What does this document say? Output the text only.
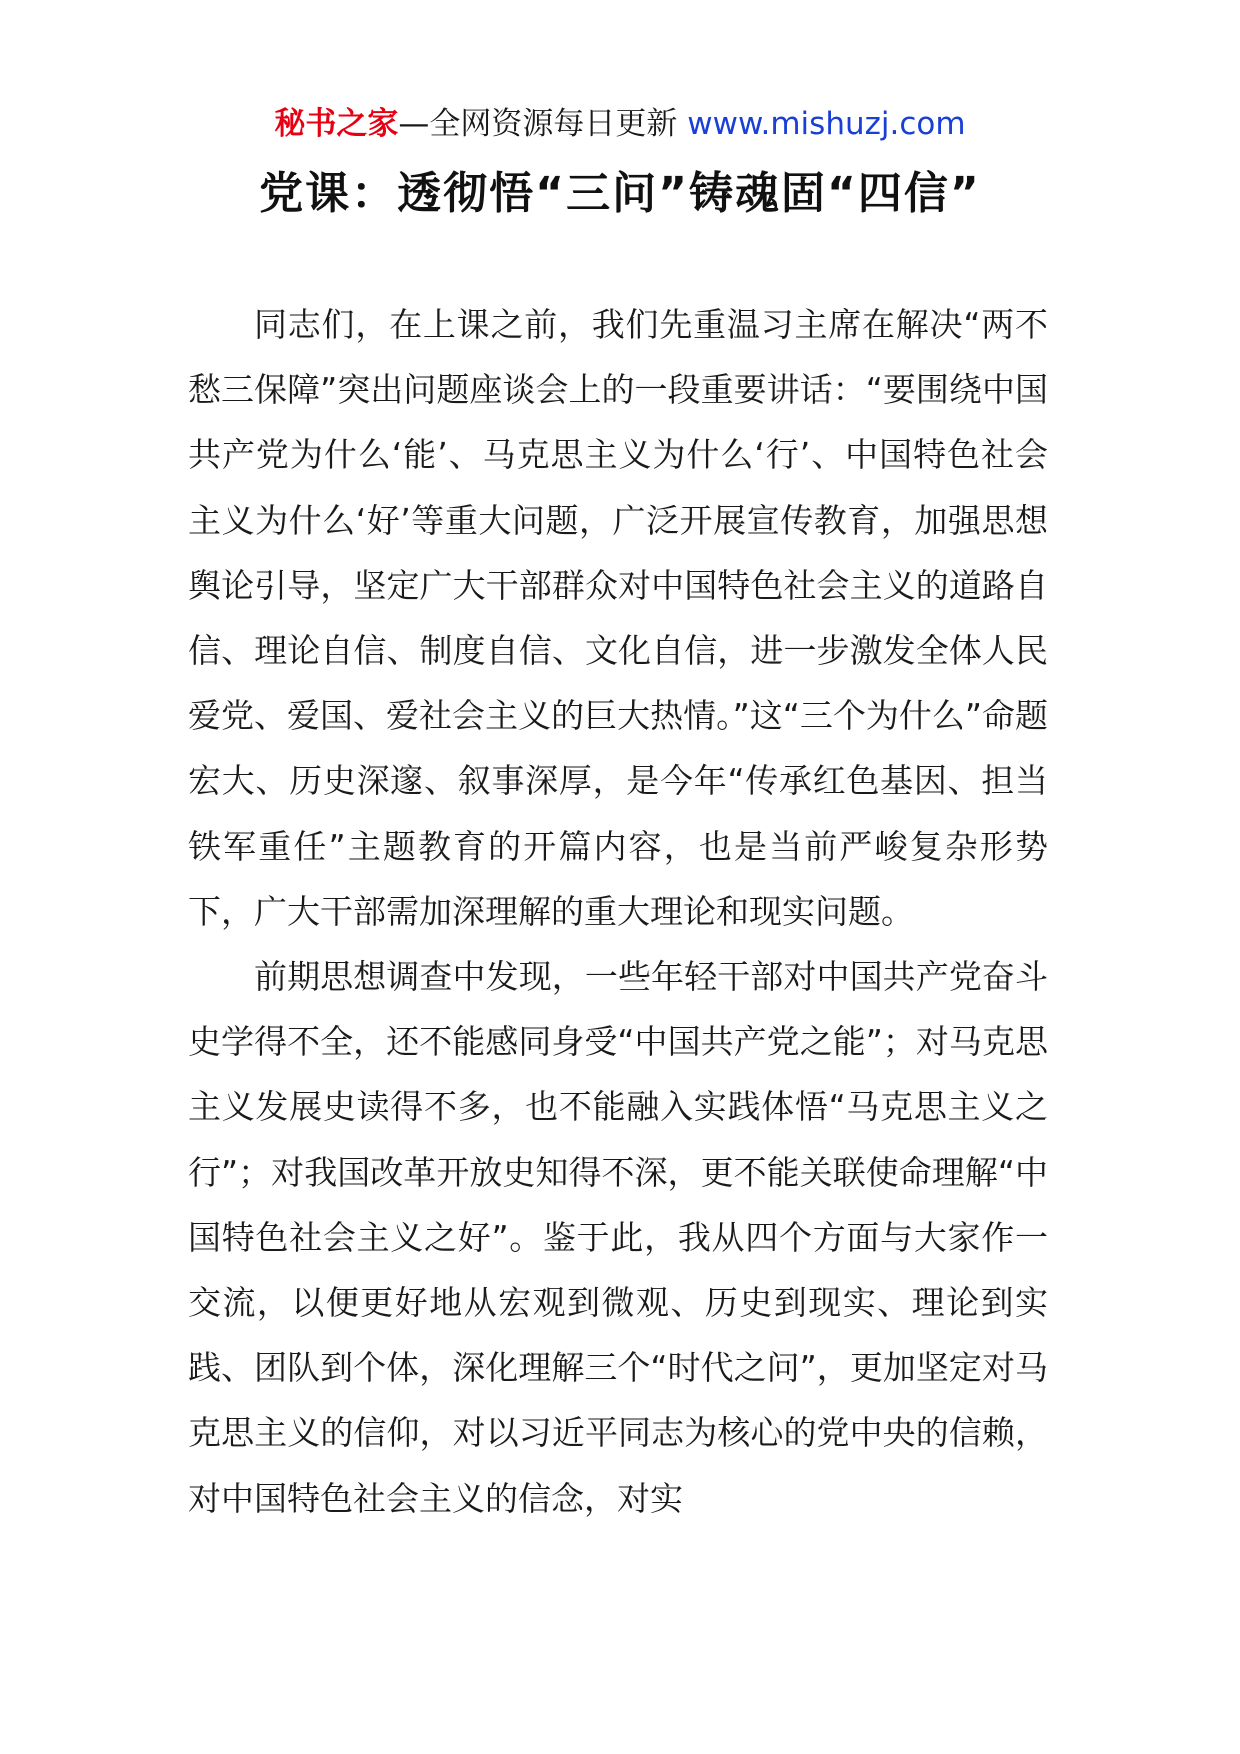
秘书之家—全网资源每日更新 www.mishuzj.com
党课：透彻悟“三问”铸魂固“四信”

同志们，在上课之前，我们先重温习主席在解决“两不愁三保障”突出问题座谈会上的一段重要讲话：“要围绕中国共产党为什么‘能’、马克思主义为什么‘行’、中国特色社会主义为什么‘好’等重大问题，广泛开展宣传教育，加强思想舆论引导，坚定广大干部群众对中国特色社会主义的道路自信、理论自信、制度自信、文化自信，进一步激发全体人民爱党、爱国、爱社会主义的巨大热情。”这“三个为什么”命题宏大、历史深邃、叙事深厚，是今年“传承红色基因、担当铁军重任”主题教育的开篇内容，也是当前严峻复杂形势下，广大干部需加深理解的重大理论和现实问题。

前期思想调查中发现，一些年轻干部对中国共产党奋斗史学得不全，还不能感同身受“中国共产党之能”；对马克思主义发展史读得不多，也不能融入实践体悟“马克思主义之行”；对我国改革开放史知得不深，更不能关联使命理解“中国特色社会主义之好”。鉴于此，我从四个方面与大家作一交流，以便更好地从宏观到微观、历史到现实、理论到实践、团队到个体，深化理解三个“时代之问”，更加坚定对马克思主义的信仰，对以习近平同志为核心的党中央的信赖，对中国特色社会主义的信念，对实
